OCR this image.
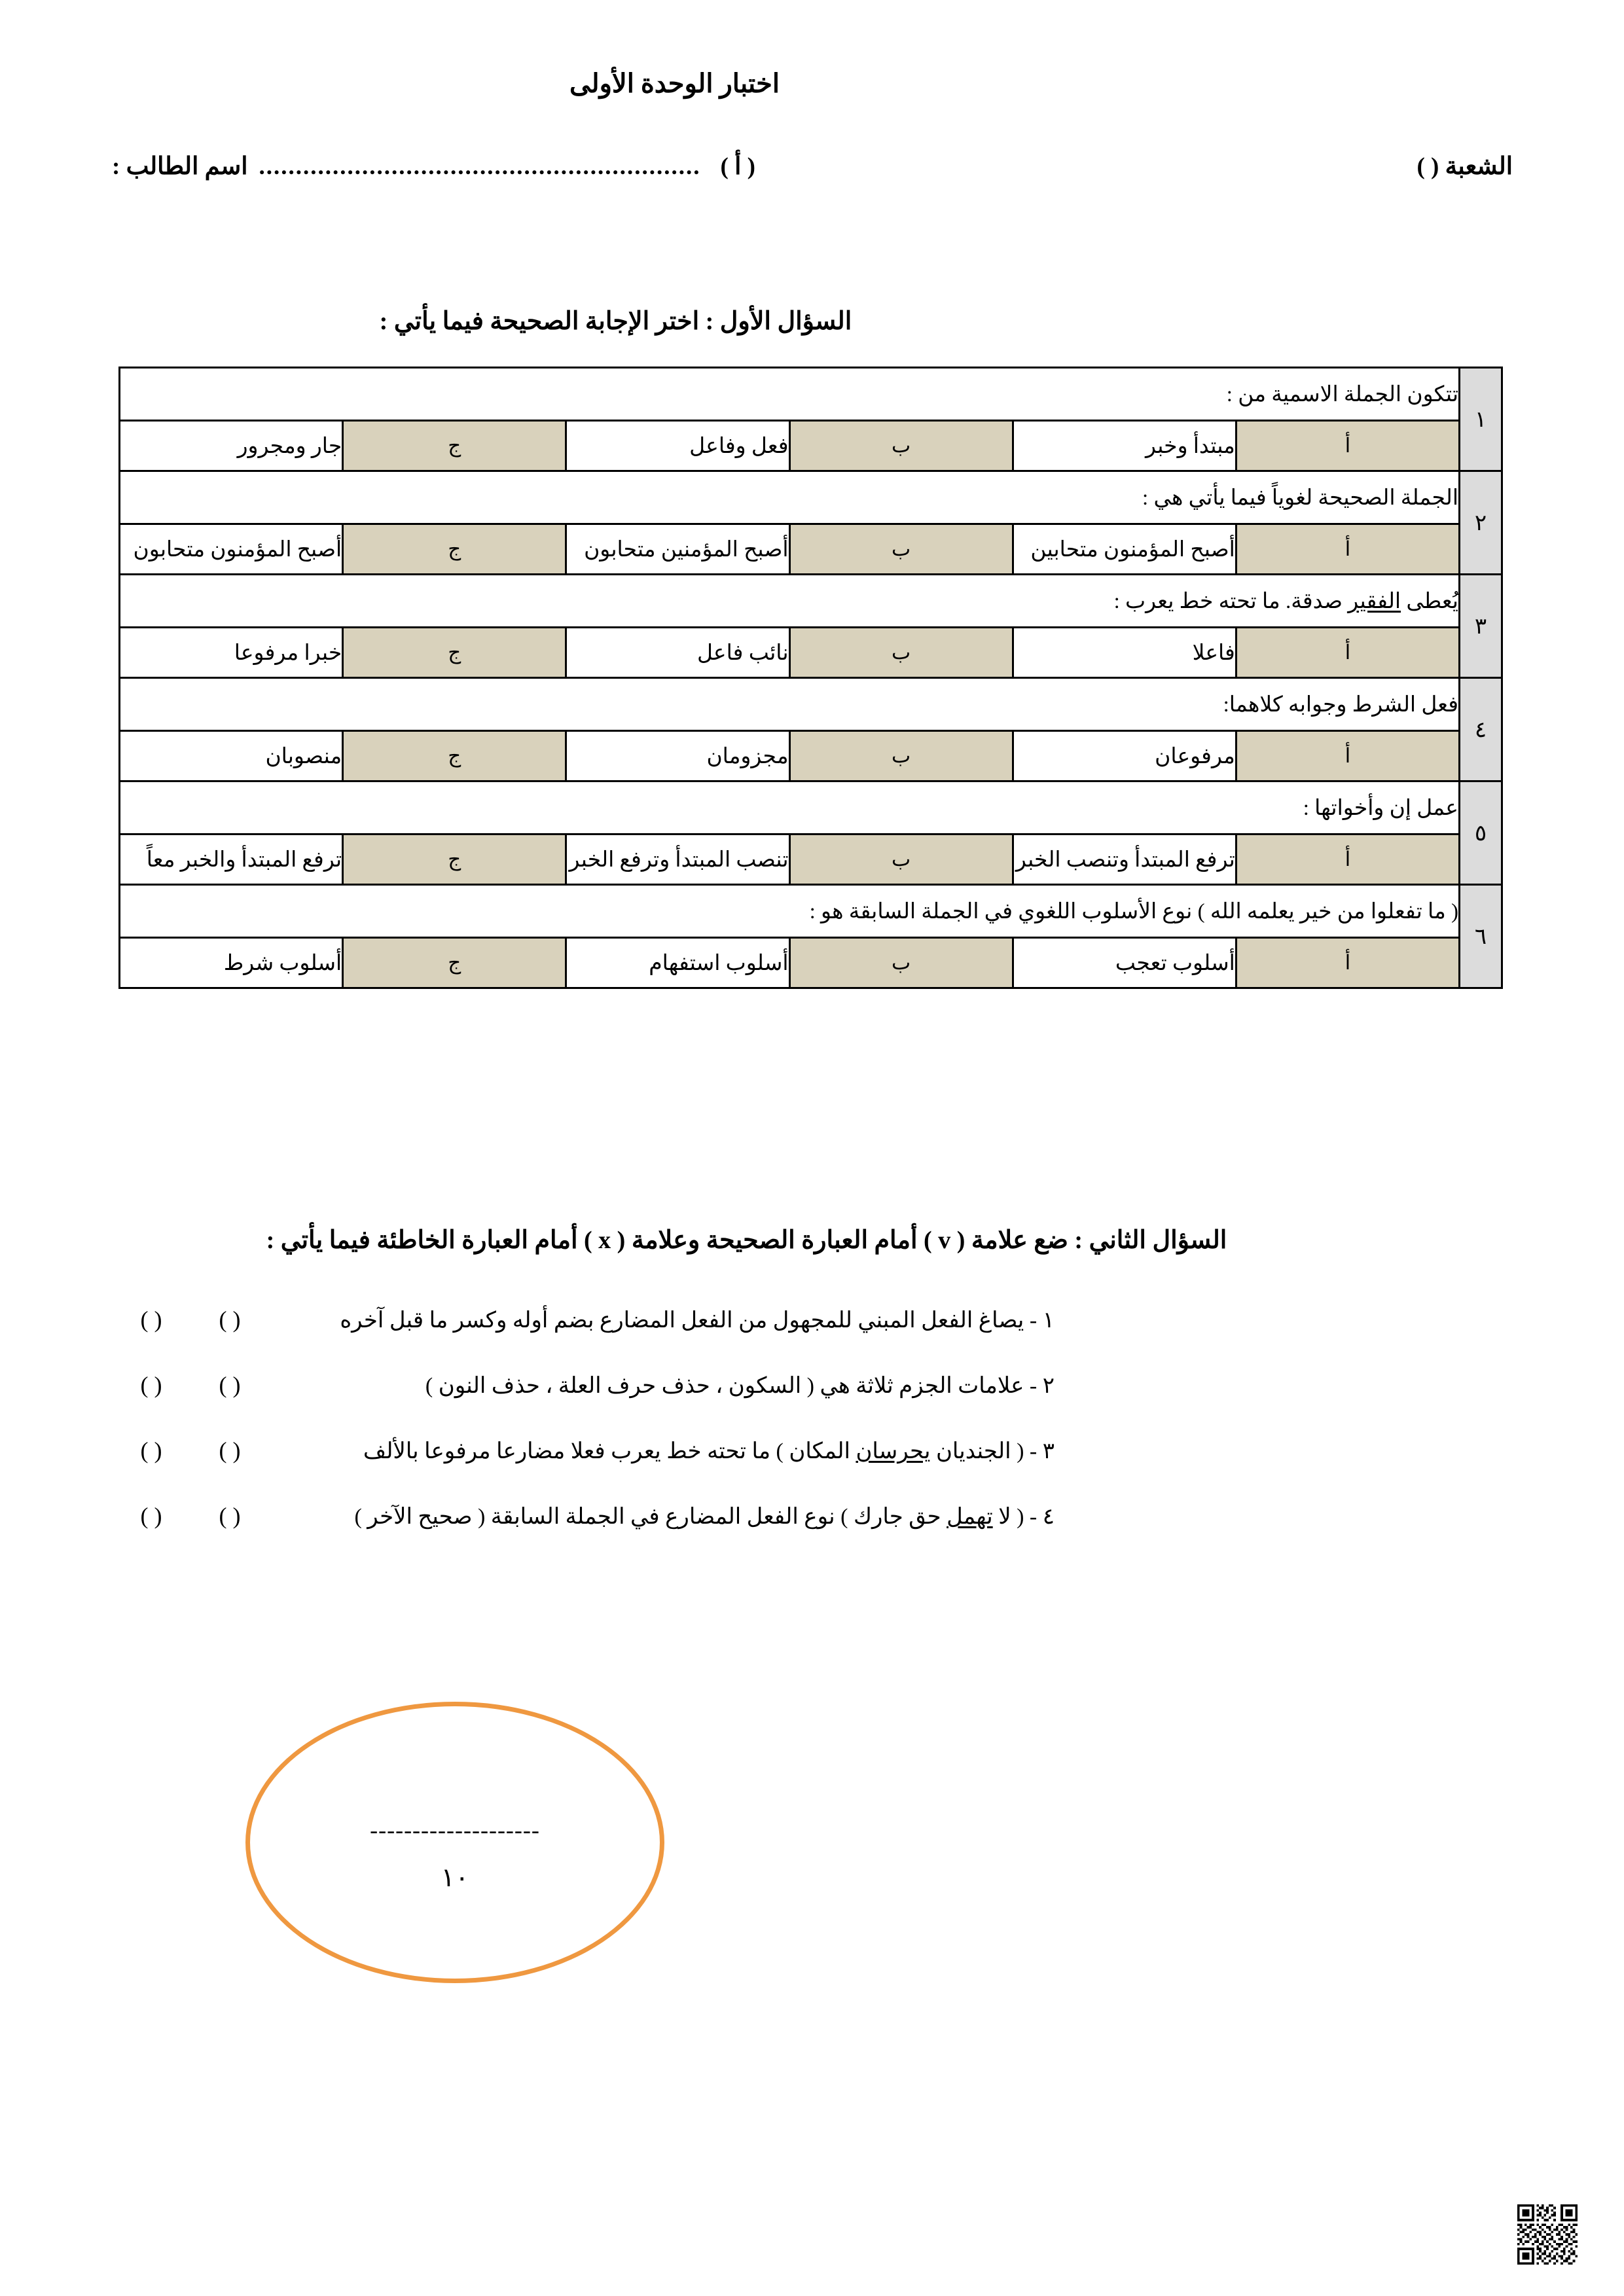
اختبار الوحدة الأولى
الشعبة ( )
( أ )
............................................................
اسم الطالب :
السؤال الأول : اختر الإجابة الصحيحة فيما يأتي :
١	تتكون الجملة الاسمية من :					
	أ	مبتدأ وخبر	ب	فعل وفاعل	ج	جار ومجرور
٢	الجملة الصحيحة لغوياً فيما يأتي هي :					
	أ	أصبح المؤمنون متحابين	ب	أصبح المؤمنين متحابون	ج	أصبح المؤمنون متحابون
٣	يُعطى الفقير صدقة. ما تحته خط يعرب :					
	أ	فاعلا	ب	نائب فاعل	ج	خبرا مرفوعا
٤	فعل الشرط وجوابه كلاهما:					
	أ	مرفوعان	ب	مجزومان	ج	منصوبان
٥	عمل إن وأخواتها :					
	أ	ترفع المبتدأ وتنصب الخبر	ب	تنصب المبتدأ وترفع الخبر	ج	ترفع المبتدأ والخبر معاً
٦	( ما تفعلوا من خير يعلمه الله ) نوع الأسلوب اللغوي في الجملة السابقة هو :					
	أ	أسلوب تعجب	ب	أسلوب استفهام	ج	أسلوب شرط
السؤال الثاني : ضع علامة ( v ) أمام العبارة الصحيحة وعلامة ( x ) أمام العبارة الخاطئة فيما يأتي :
١ - يصاغ الفعل المبني للمجهول من الفعل المضارع بضم أوله وكسر ما قبل آخره
( )
( )
٢ - علامات الجزم ثلاثة هي ( السكون ، حذف حرف العلة ، حذف النون )
( )
( )
٣ - ( الجنديان يحرسان المكان ) ما تحته خط يعرب فعلا مضارعا مرفوعا بالألف
( )
( )
٤ - ( لا تهمل حق جارك ) نوع الفعل المضارع في الجملة السابقة ( صحيح الآخر )
( )
( )
--------------------
١٠
